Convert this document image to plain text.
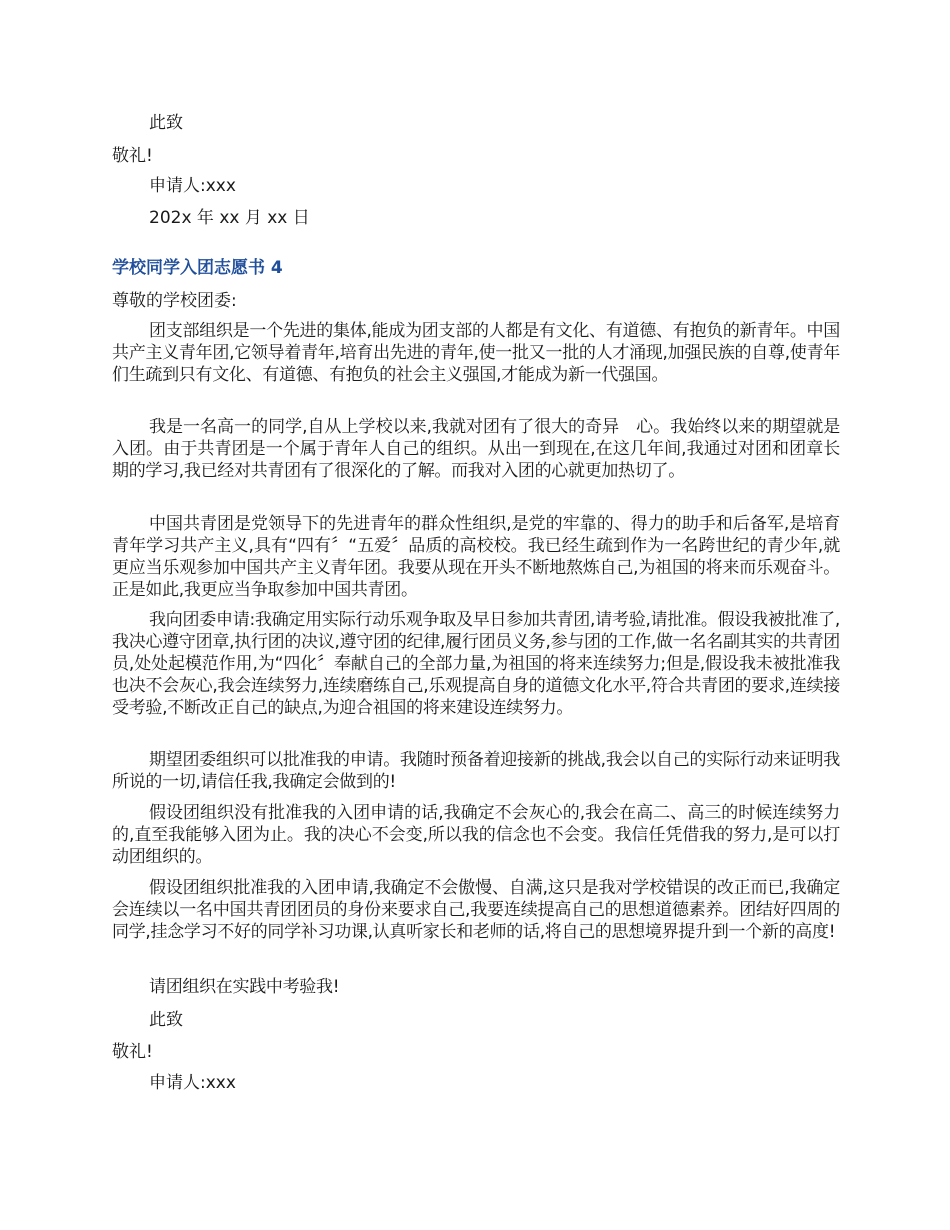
此致

敬礼!

申请人:xxx

202x 年 xx 月 xx 日

学校同学入团志愿书 4

尊敬的学校团委:

团支部组织是一个先进的集体,能成为团支部的人都是有文化、有道德、有抱负的新青年。中国共产主义青年团,它领导着青年,培育出先进的青年,使一批又一批的人才涌现,加强民族的自尊,使青年们生疏到只有文化、有道德、有抱负的社会主义强国,才能成为新一代强国。

我是一名高一的同学,自从上学校以来,我就对团有了很大的奇异　心。我始终以来的期望就是入团。由于共青团是一个属于青年人自己的组织。从出一到现在,在这几年间,我通过对团和团章长期的学习,我已经对共青团有了很深化的了解。而我对入团的心就更加热切了。

中国共青团是党领导下的先进青年的群众性组织,是党的牢靠的、得力的助手和后备军,是培育青年学习共产主义,具有“四有〞“五爱〞品质的高校校。我已经生疏到作为一名跨世纪的青少年,就更应当乐观参加中国共产主义青年团。我要从现在开头不断地熬炼自己,为祖国的将来而乐观奋斗。正是如此,我更应当争取参加中国共青团。

我向团委申请:我确定用实际行动乐观争取及早日参加共青团,请考验,请批准。假设我被批准了,我决心遵守团章,执行团的决议,遵守团的纪律,履行团员义务,参与团的工作,做一名名副其实的共青团员,处处起模范作用,为“四化〞奉献自己的全部力量,为祖国的将来连续努力;但是,假设我未被批准我也决不会灰心,我会连续努力,连续磨练自己,乐观提高自身的道德文化水平,符合共青团的要求,连续接受考验,不断改正自己的缺点,为迎合祖国的将来建设连续努力。

期望团委组织可以批准我的申请。我随时预备着迎接新的挑战,我会以自己的实际行动来证明我所说的一切,请信任我,我确定会做到的!

假设团组织没有批准我的入团申请的话,我确定不会灰心的,我会在高二、高三的时候连续努力的,直至我能够入团为止。我的决心不会变,所以我的信念也不会变。我信任凭借我的努力,是可以打动团组织的。

假设团组织批准我的入团申请,我确定不会傲慢、自满,这只是我对学校错误的改正而已,我确定会连续以一名中国共青团团员的身份来要求自己,我要连续提高自己的思想道德素养。团结好四周的同学,挂念学习不好的同学补习功课,认真听家长和老师的话,将自己的思想境界提升到一个新的高度!

请团组织在实践中考验我!

此致

敬礼!

申请人:xxx
